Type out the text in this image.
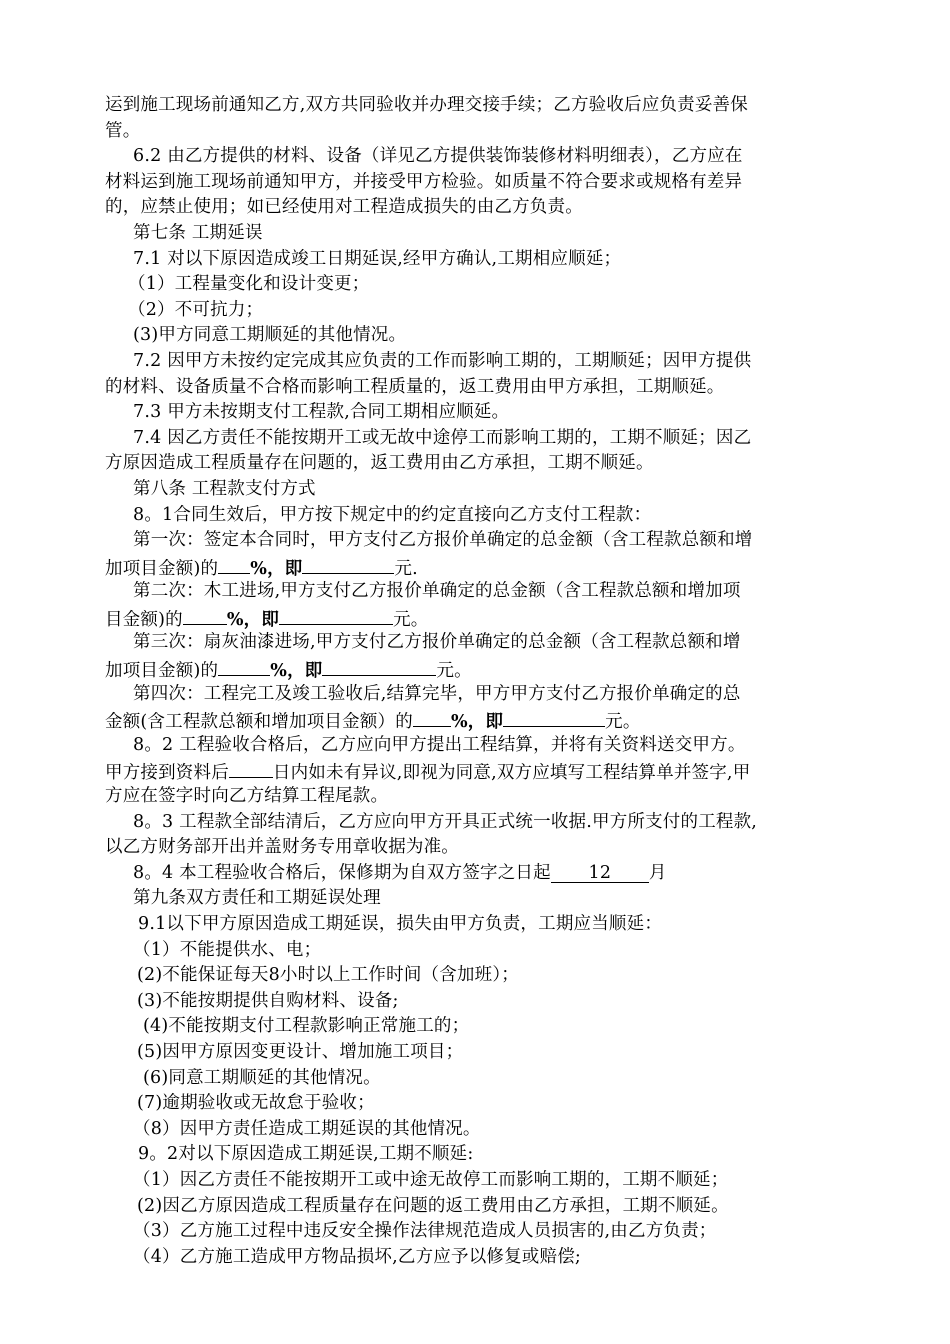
运到施工现场前通知乙方,双方共同验收并办理交接手续；乙方验收后应负责妥善保
管。
6.2 由乙方提供的材料、设备（详见乙方提供装饰装修材料明细表），乙方应在
材料运到施工现场前通知甲方，并接受甲方检验。如质量不符合要求或规格有差异
的，应禁止使用；如已经使用对工程造成损失的由乙方负责。
第七条 工期延误
7.1 对以下原因造成竣工日期延误,经甲方确认,工期相应顺延；
（1）工程量变化和设计变更；
（2）不可抗力；
(3)甲方同意工期顺延的其他情况。
7.2 因甲方未按约定完成其应负责的工作而影响工期的，工期顺延；因甲方提供
的材料、设备质量不合格而影响工程质量的，返工费用由甲方承担，工期顺延。
7.3 甲方未按期支付工程款,合同工期相应顺延。
7.4 因乙方责任不能按期开工或无故中途停工而影响工期的，工期不顺延；因乙
方原因造成工程质量存在问题的，返工费用由乙方承担，工期不顺延。
第八条 工程款支付方式
8。1合同生效后，甲方按下规定中的约定直接向乙方支付工程款：
第一次：签定本合同时，甲方支付乙方报价单确定的总金额（含工程款总额和增
加项目金额)的 %，即	元.
第二次：木工进场,甲方支付乙方报价单确定的总金额（含工程款总额和增加项
目金额)的	%，即	元。
第三次：扇灰油漆进场,甲方支付乙方报价单确定的总金额（含工程款总额和增
加项目金额)的	%，即	元。
第四次：工程完工及竣工验收后,结算完毕，甲方甲方支付乙方报价单确定的总
金额(含工程款总额和增加项目金额）的 %，即	元。
8。2 工程验收合格后，乙方应向甲方提出工程结算，并将有关资料送交甲方。
甲方接到资料后	日内如未有异议,即视为同意,双方应填写工程结算单并签字,甲
方应在签字时向乙方结算工程尾款。
8。3 工程款全部结清后，乙方应向甲方开具正式统一收据.甲方所支付的工程款,
以乙方财务部开出并盖财务专用章收据为准。
8。4 本工程验收合格后，保修期为自双方签字之日起 12 月
第九条双方责任和工期延误处理
9.1以下甲方原因造成工期延误，损失由甲方负责，工期应当顺延：
（1）不能提供水、电；
(2)不能保证每天8小时以上工作时间（含加班）；
(3)不能按期提供自购材料、设备;
(4)不能按期支付工程款影响正常施工的；
(5)因甲方原因变更设计、增加施工项目；
(6)同意工期顺延的其他情况。
(7)逾期验收或无故怠于验收；
（8）因甲方责任造成工期延误的其他情况。
9。2对以下原因造成工期延误,工期不顺延:
（1）因乙方责任不能按期开工或中途无故停工而影响工期的，工期不顺延；
(2)因乙方原因造成工程质量存在问题的返工费用由乙方承担，工期不顺延。
（3）乙方施工过程中违反安全操作法律规范造成人员损害的,由乙方负责；
（4）乙方施工造成甲方物品损坏,乙方应予以修复或赔偿;
